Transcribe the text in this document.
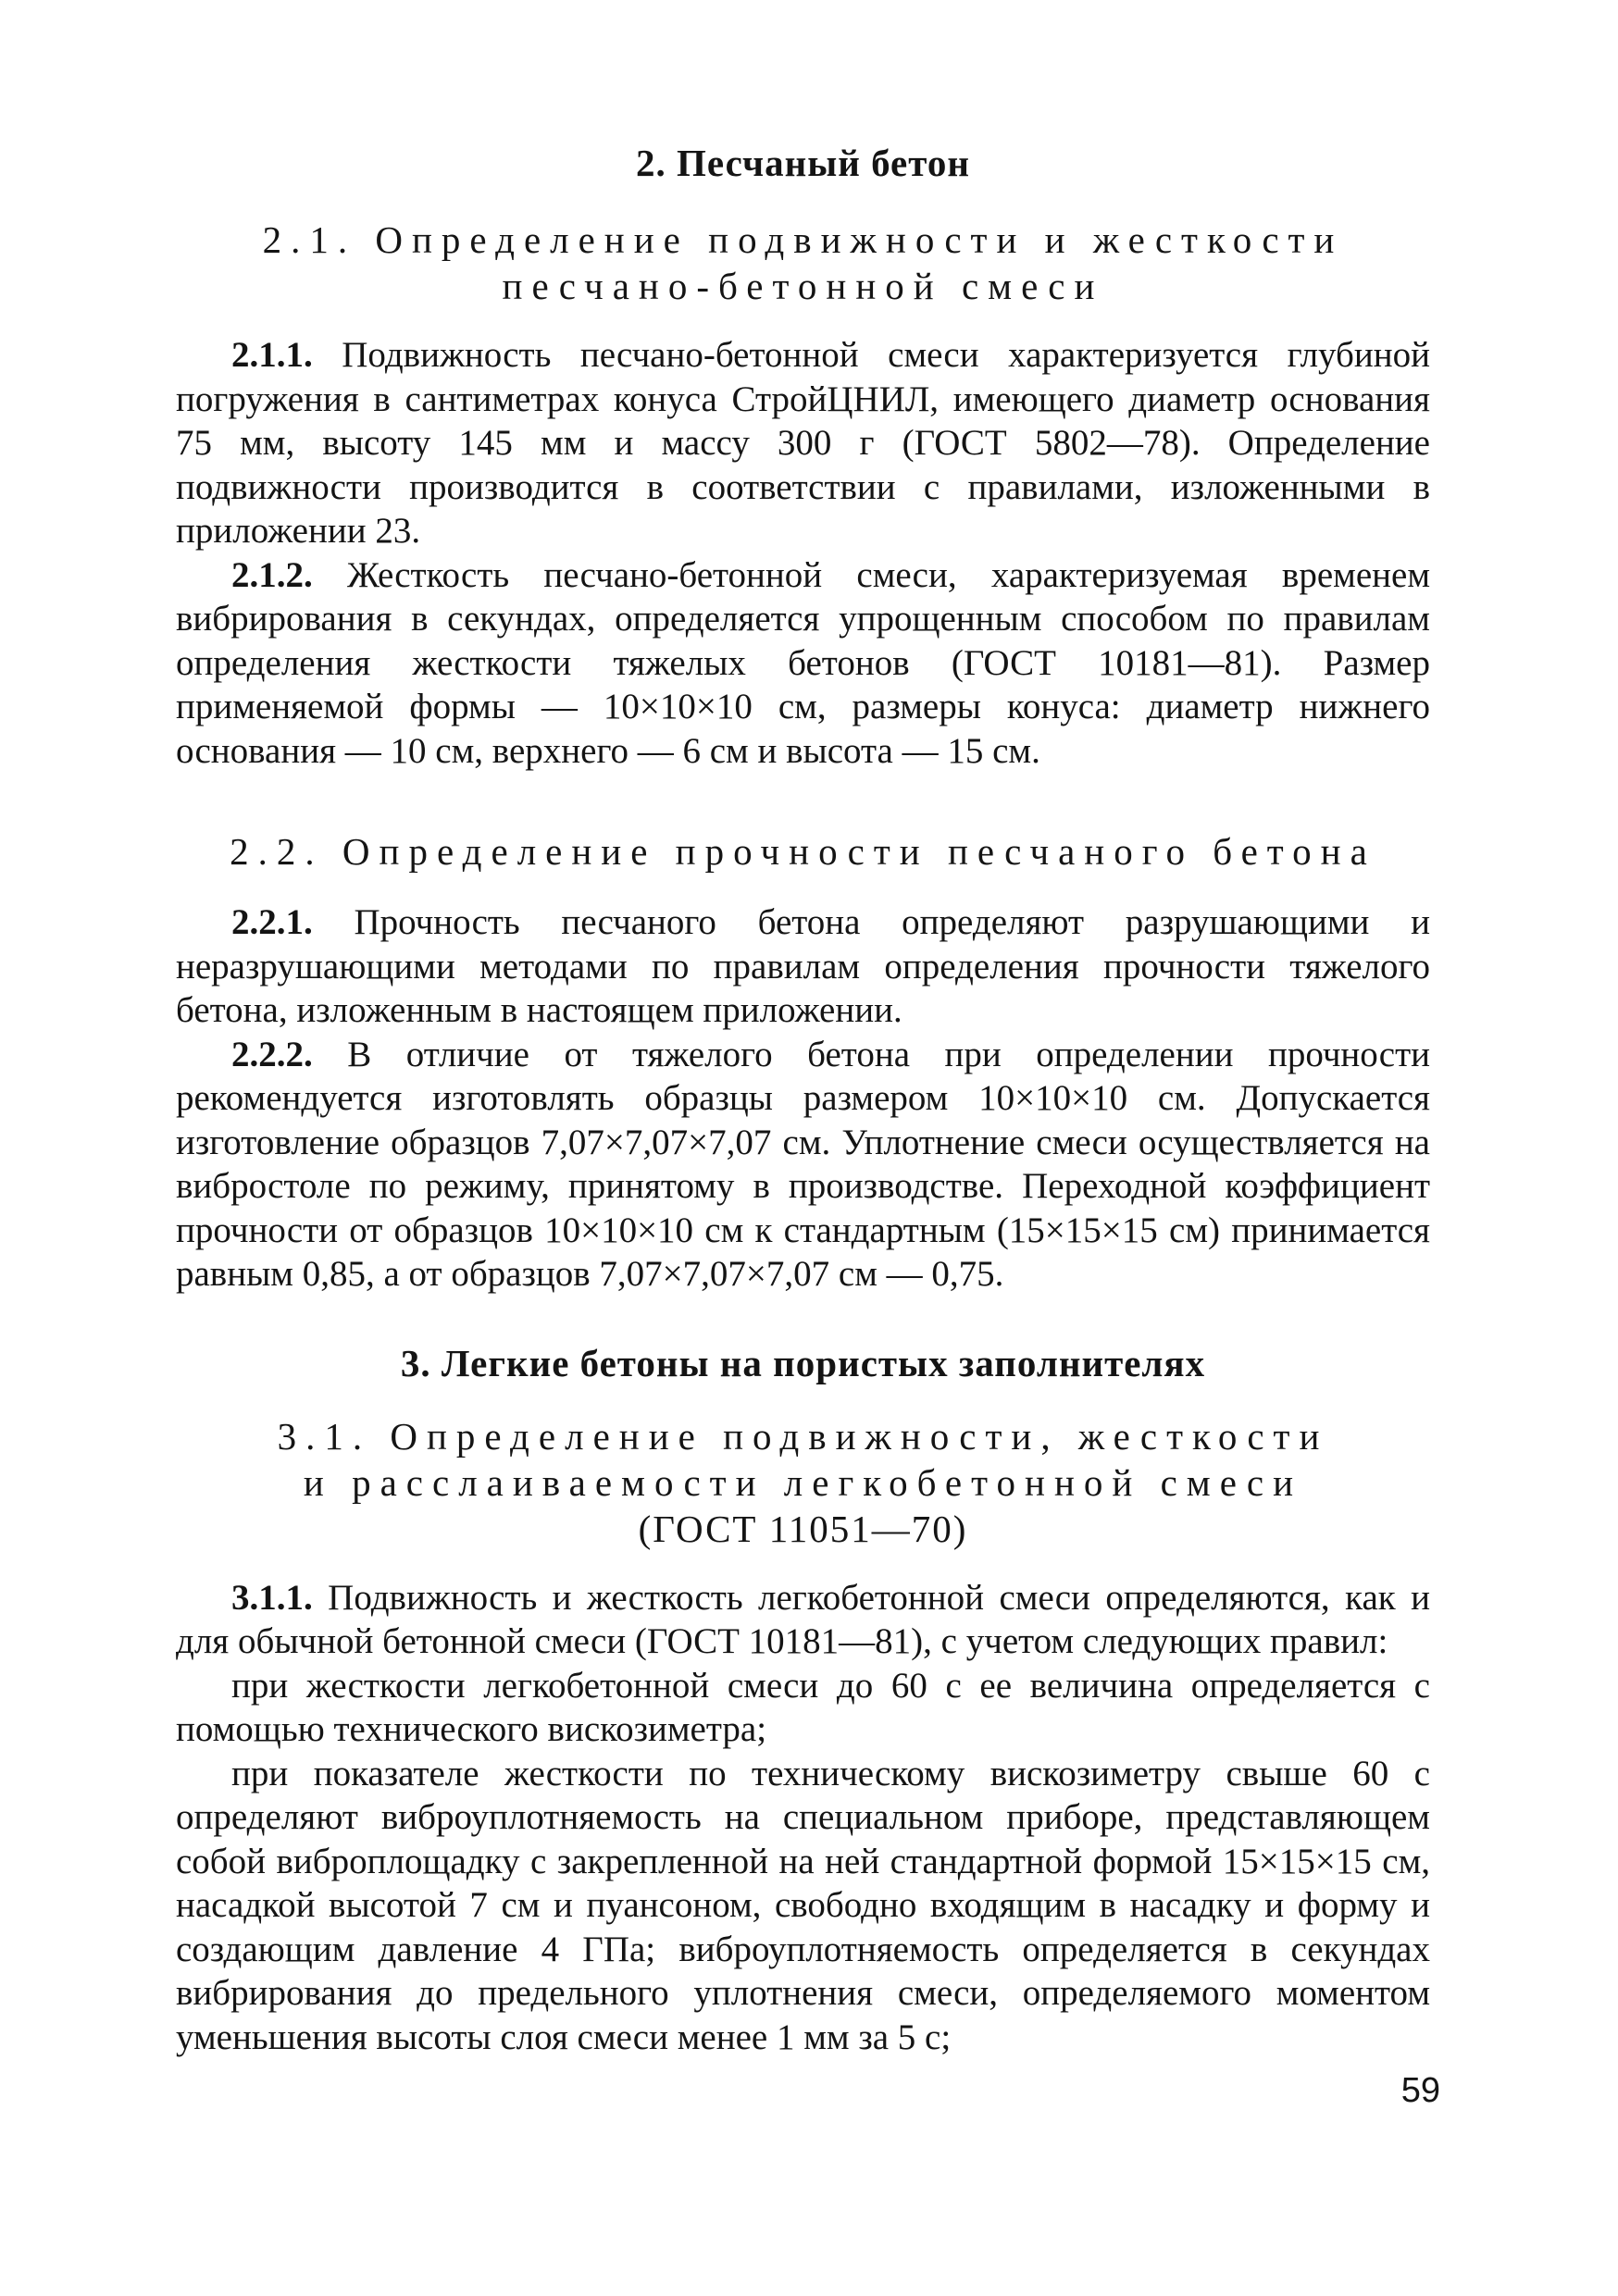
2. Песчаный бетон
2.1. Определение подвижности и жесткости
песчано-бетонной смеси

2.1.1. Подвижность песчано-бетонной смеси характеризуется глубиной погружения в сантиметрах конуса СтройЦНИЛ, имеющего диаметр основания 75 мм, высоту 145 мм и массу 300 г (ГОСТ 5802—78). Определение подвижности производится в соответствии с правилами, изложенными в приложении 23.

2.1.2. Жесткость песчано-бетонной смеси, характеризуемая временем вибрирования в секундах, определяется упрощенным способом по правилам определения жесткости тяжелых бетонов (ГОСТ 10181—81). Размер применяемой формы — 10×10×10 см, размеры конуса: диаметр нижнего основания — 10 см, верхнего — 6 см и высота — 15 см.

2.2. Определение прочности песчаного бетона

2.2.1. Прочность песчаного бетона определяют разрушающими и неразрушающими методами по правилам определения прочности тяжелого бетона, изложенным в настоящем приложении.

2.2.2. В отличие от тяжелого бетона при определении прочности рекомендуется изготовлять образцы размером 10×10×10 см. Допускается изготовление образцов 7,07×7,07×7,07 см. Уплотнение смеси осуществляется на вибростоле по режиму, принятому в производстве. Переходной коэффициент прочности от образцов 10×10×10 см к стандартным (15×15×15 см) принимается равным 0,85, а от образцов 7,07×7,07×7,07 см — 0,75.

3. Легкие бетоны на пористых заполнителях
3.1. Определение подвижности, жесткости
и расслаиваемости легкобетонной смеси
(ГОСТ 11051—70)

3.1.1. Подвижность и жесткость легкобетонной смеси определяются, как и для обычной бетонной смеси (ГОСТ 10181—81), с учетом следующих правил:

при жесткости легкобетонной смеси до 60 с ее величина определяется с помощью технического вискозиметра;

при показателе жесткости по техническому вискозиметру свыше 60 с определяют виброуплотняемость на специальном приборе, представляющем собой виброплощадку с закрепленной на ней стандартной формой 15×15×15 см, насадкой высотой 7 см и пуансоном, свободно входящим в насадку и форму и создающим давление 4 ГПа; виброуплотняемость определяется в секундах вибрирования до предельного уплотнения смеси, определяемого моментом уменьшения высоты слоя смеси менее 1 мм за 5 с;

59
